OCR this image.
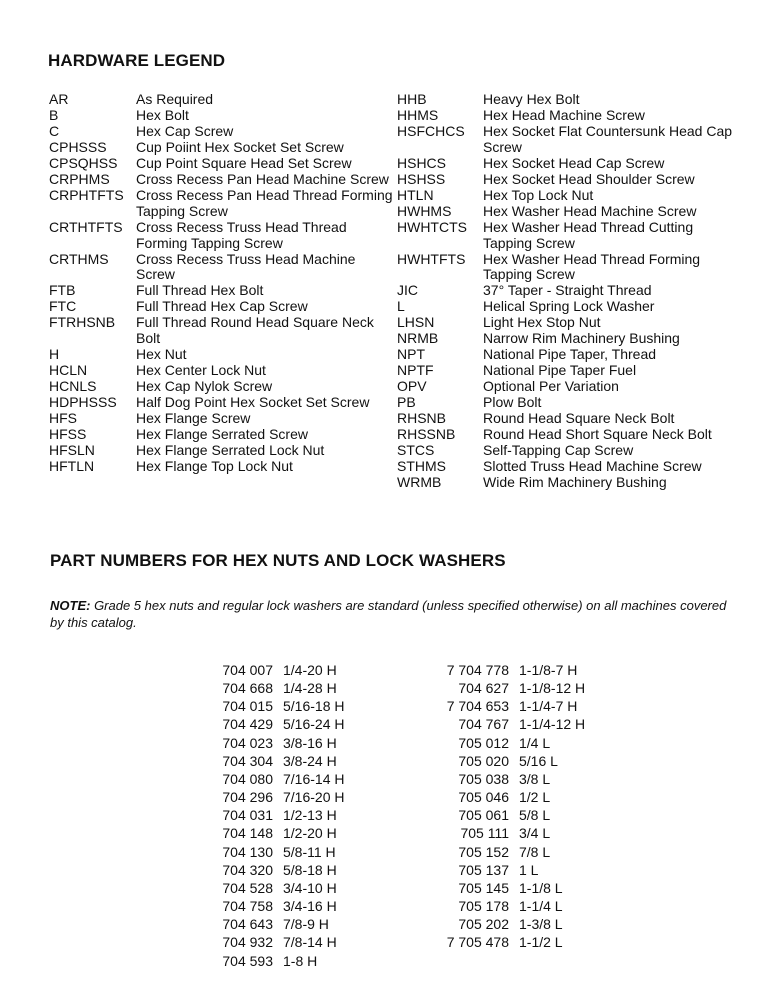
HARDWARE LEGEND
AR	As Required
B	Hex Bolt
C	Hex Cap Screw
CPHSSS	Cup Poiint Hex Socket Set Screw
CPSQHSS	Cup Point Square Head Set Screw
CRPHMS	Cross Recess Pan Head Machine Screw
CRPHTFTS Cross Recess Pan Head Thread Forming Tapping Screw
CRTHTFTS Cross Recess Truss Head Thread Forming Tapping Screw
CRTHMS	Cross Recess Truss Head Machine Screw
FTB	Full Thread Hex Bolt
FTC	Full Thread Hex Cap Screw
FTRHSNB	Full Thread Round Head Square Neck Bolt
H	Hex Nut
HCLN	Hex Center Lock Nut
HCNLS	Hex Cap Nylok Screw
HDPHSSS	Half Dog Point Hex Socket Set Screw
HFS	Hex Flange Screw
HFSS	Hex Flange Serrated Screw
HFSLN	Hex Flange Serrated Lock Nut
HFTLN	Hex Flange Top Lock Nut
HHB	Heavy Hex Bolt
HHMS	Hex Head Machine Screw
HSFCHCS	Hex Socket Flat Countersunk Head Cap Screw
HSHCS	Hex Socket Head Cap Screw
HSHSS	Hex Socket Head Shoulder Screw
HTLN	Hex Top Lock Nut
HWHMS	Hex Washer Head Machine Screw
HWHTCTS	Hex Washer Head Thread Cutting Tapping Screw
HWHTFTS	Hex Washer Head Thread Forming Tapping Screw
JIC	37° Taper - Straight Thread
L	Helical Spring Lock Washer
LHSN	Light Hex Stop Nut
NRMB	Narrow Rim Machinery Bushing
NPT	National Pipe Taper, Thread
NPTF	National Pipe Taper Fuel
OPV	Optional Per Variation
PB	Plow Bolt
RHSNB	Round Head Square Neck Bolt
RHSSNB	Round Head Short Square Neck Bolt
STCS	Self-Tapping Cap Screw
STHMS	Slotted Truss Head Machine Screw
WRMB	Wide Rim Machinery Bushing
PART NUMBERS FOR HEX NUTS AND LOCK WASHERS
NOTE: Grade 5 hex nuts and regular lock washers are standard (unless specified otherwise) on all machines covered by this catalog.
704 007 1/4-20 H
704 668 1/4-28 H
704 015 5/16-18 H
704 429 5/16-24 H
704 023 3/8-16 H
704 304 3/8-24 H
704 080 7/16-14 H
704 296 7/16-20 H
704 031 1/2-13 H
704 148 1/2-20 H
704 130 5/8-11 H
704 320 5/8-18 H
704 528 3/4-10 H
704 758 3/4-16 H
704 643 7/8-9 H
704 932 7/8-14 H
704 593 1-8 H
7 704 778 1-1/8-7 H
704 627 1-1/8-12 H
7 704 653 1-1/4-7 H
704 767 1-1/4-12 H
705 012 1/4 L
705 020 5/16 L
705 038 3/8 L
705 046 1/2 L
705 061 5/8 L
705 111 3/4 L
705 152 7/8 L
705 137 1 L
705 145 1-1/8 L
705 178 1-1/4 L
705 202 1-3/8 L
7 705 478 1-1/2 L
